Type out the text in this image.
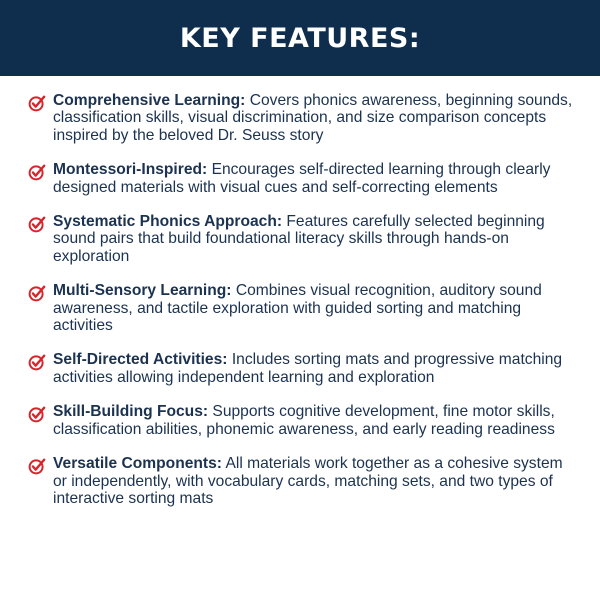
KEY FEATURES:
Comprehensive Learning: Covers phonics awareness, beginning sounds, classification skills, visual discrimination, and size comparison concepts inspired by the beloved Dr. Seuss story
Montessori-Inspired: Encourages self-directed learning through clearly designed materials with visual cues and self-correcting elements
Systematic Phonics Approach: Features carefully selected beginning sound pairs that build foundational literacy skills through hands-on exploration
Multi-Sensory Learning: Combines visual recognition, auditory sound awareness, and tactile exploration with guided sorting and matching activities
Self-Directed Activities: Includes sorting mats and progressive matching activities allowing independent learning and exploration
Skill-Building Focus: Supports cognitive development, fine motor skills, classification abilities, phonemic awareness, and early reading readiness
Versatile Components: All materials work together as a cohesive system or independently, with vocabulary cards, matching sets, and two types of interactive sorting mats
